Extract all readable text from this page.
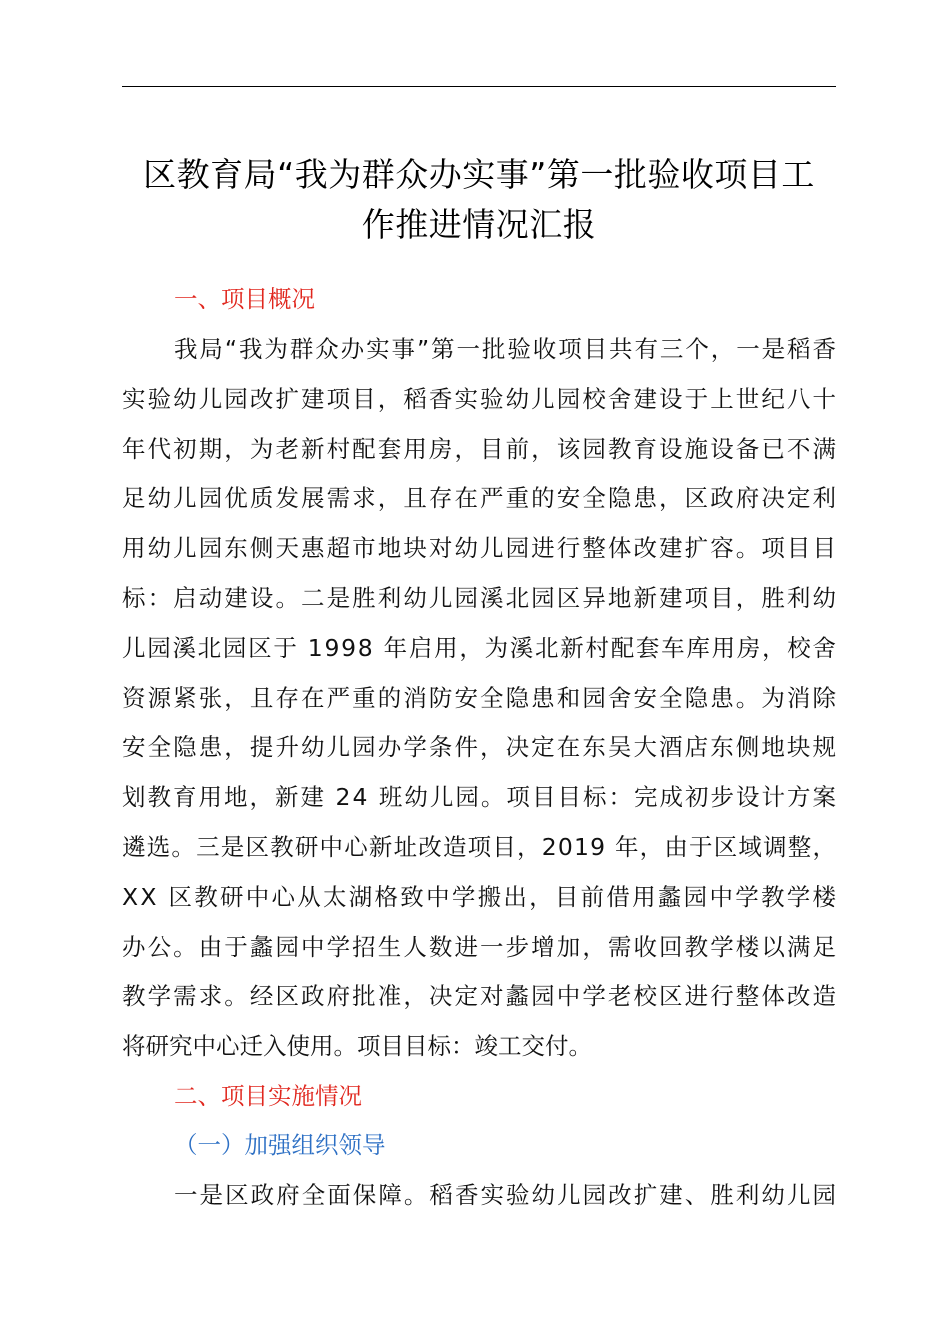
区教育局“我为群众办实事”第一批验收项目工
作推进情况汇报
一、项目概况
我局“我为群众办实事”第一批验收项目共有三个，一是稻香
实验幼儿园改扩建项目，稻香实验幼儿园校舍建设于上世纪八十
年代初期，为老新村配套用房，目前，该园教育设施设备已不满
足幼儿园优质发展需求，且存在严重的安全隐患，区政府决定利
用幼儿园东侧天惠超市地块对幼儿园进行整体改建扩容。项目目
标：启动建设。二是胜利幼儿园溪北园区异地新建项目，胜利幼
儿园溪北园区于 1998 年启用，为溪北新村配套车库用房，校舍
资源紧张，且存在严重的消防安全隐患和园舍安全隐患。为消除
安全隐患，提升幼儿园办学条件，决定在东吴大酒店东侧地块规
划教育用地，新建 24 班幼儿园。项目目标：完成初步设计方案
遴选。三是区教研中心新址改造项目，2019 年，由于区域调整，
XX 区教研中心从太湖格致中学搬出，目前借用蠡园中学教学楼
办公。由于蠡园中学招生人数进一步增加，需收回教学楼以满足
教学需求。经区政府批准，决定对蠡园中学老校区进行整体改造
将研究中心迁入使用。项目目标：竣工交付。
二、项目实施情况
（一）加强组织领导
一是区政府全面保障。稻香实验幼儿园改扩建、胜利幼儿园
